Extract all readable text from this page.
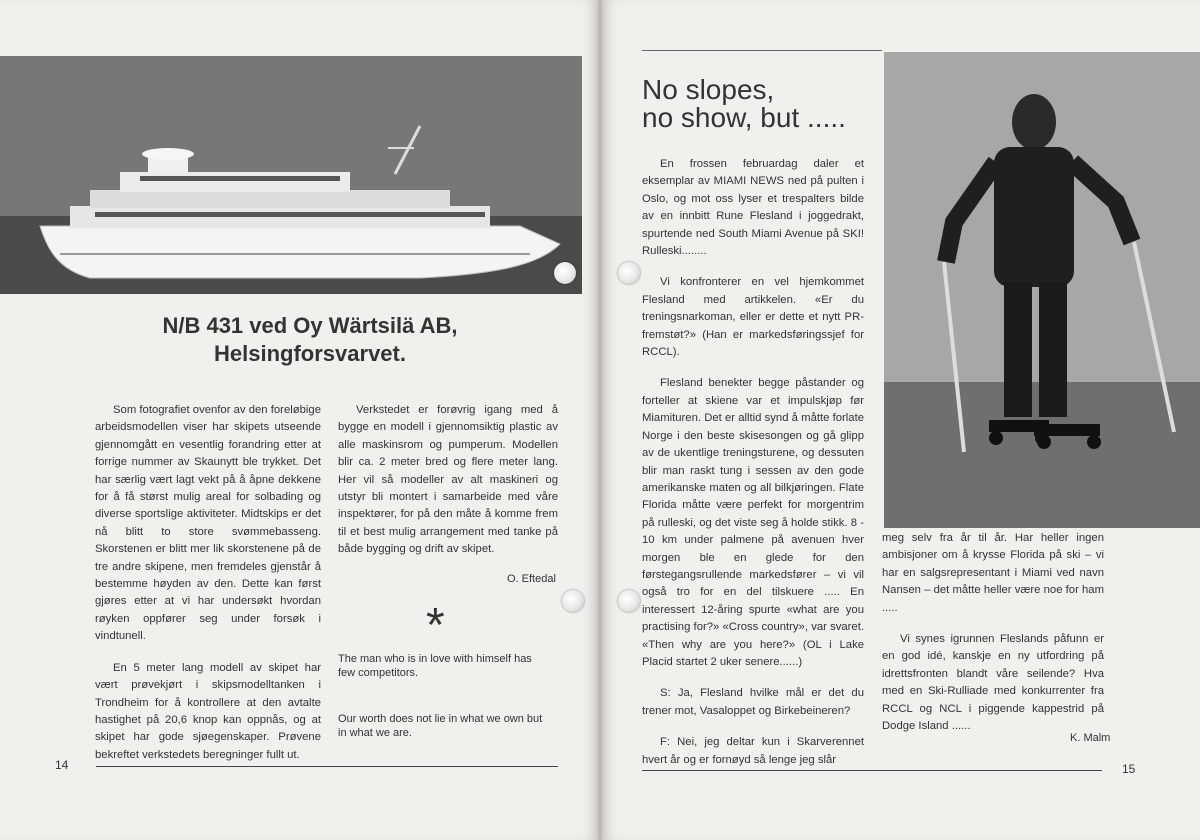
N/B 431 ved Oy Wärtsilä AB,
Helsingforsvarvet.

Som fotografiet ovenfor av den foreløbige arbeidsmodellen viser har skipets utseende gjennomgått en vesentlig forandring etter at forrige nummer av Skaunytt ble trykket. Det har særlig vært lagt vekt på å åpne dekkene for å få størst mulig areal for solbading og diverse sportslige aktiviteter. Midtskips er det nå blitt to store svømmebasseng. Skorstenen er blitt mer lik skorstenene på de tre andre skipene, men fremdeles gjenstår å bestemme høyden av den. Dette kan først gjøres etter at vi har undersøkt hvordan røyken oppfører seg under forsøk i vindtunell.

En 5 meter lang modell av skipet har vært prøvekjørt i skipsmodelltanken i Trondheim for å kontrollere at den avtalte hastighet på 20,6 knop kan oppnås, og at skipet har gode sjøegenskaper. Prøvene bekreftet verkstedets beregninger fullt ut.

Verkstedet er forøvrig igang med å bygge en modell i gjennomsiktig plastic av alle maskinsrom og pumperum. Modellen blir ca. 2 meter bred og flere meter lang. Her vil så modeller av alt maskineri og utstyr bli montert i samarbeide med våre inspektører, for på den måte å komme frem til et best mulig arrangement med tanke på både bygging og drift av skipet.

O. Eftedal
*
The man who is in love with himself has few competitors.
Our worth does not lie in what we own but in what we are.
14
No slopes,
no show, but .....

En frossen februardag daler et eksemplar av MIAMI NEWS ned på pulten i Oslo, og mot oss lyser et trespalters bilde av en innbitt Rune Flesland i joggedrakt, spurtende ned South Miami Avenue på SKI! Rulleski........

Vi konfronterer en vel hjemkommet Flesland med artikkelen. «Er du treningsnarkoman, eller er dette et nytt PR-fremstøt?» (Han er markedsføringssjef for RCCL).

Flesland benekter begge påstander og forteller at skiene var et impulskjøp før Miamituren. Det er alltid synd å måtte forlate Norge i den beste skisesongen og gå glipp av de ukentlige treningsturene, og dessuten blir man raskt tung i sessen av den gode amerikanske maten og all bilkjøringen. Flate Florida måtte være perfekt for morgentrim på rulleski, og det viste seg å holde stikk. 8 - 10 km under palmene på avenuen hver morgen ble en glede for den førstegangsrullende markedsfører – vi vil også tro for en del tilskuere ..... En interessert 12-åring spurte «what are you practising for?» «Cross country», var svaret. «Then why are you here?» (OL i Lake Placid startet 2 uker senere......)

S: Ja, Flesland hvilke mål er det du trener mot, Vasaloppet og Birkebeineren?

F: Nei, jeg deltar kun i Skarverennet hvert år og er fornøyd så lenge jeg slår

meg selv fra år til år. Har heller ingen ambisjoner om å krysse Florida på ski – vi har en salgsrepresentant i Miami ved navn Nansen – det måtte heller være noe for ham .....

Vi synes igrunnen Fleslands påfunn er en god idé, kanskje en ny utfordring på idrettsfronten blandt våre seilende? Hva med en Ski-Rulliade med konkurrenter fra RCCL og NCL i piggende kappestrid på Dodge Island ......

K. Malm
15
